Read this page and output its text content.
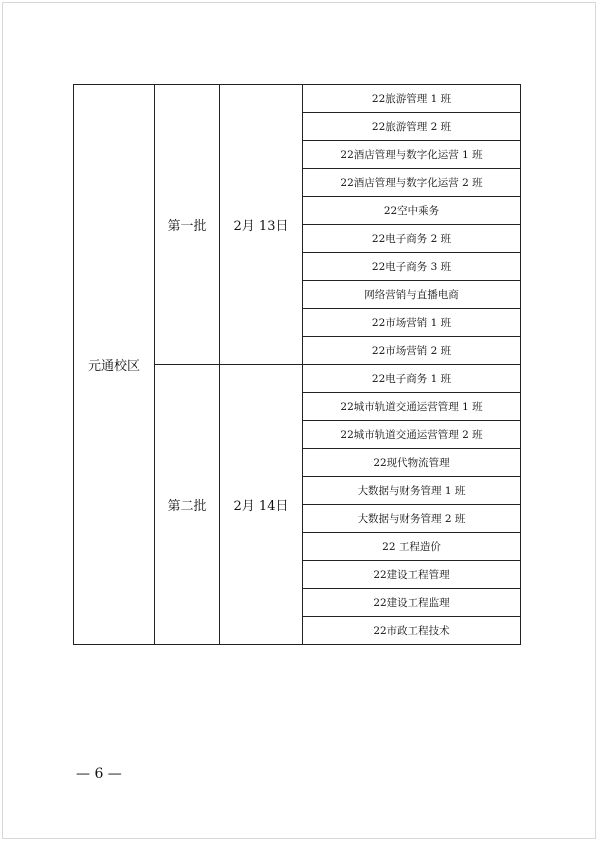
元通校区	第一批	2月 13日	22旅游管理 1 班
			22旅游管理 2 班
			22酒店管理与数字化运营 1 班
			22酒店管理与数字化运营 2 班
			22空中乘务
			22电子商务 2 班
			22电子商务 3 班
			网络营销与直播电商
			22市场营销 1 班
			22市场营销 2 班
	第二批	2月 14日	22电子商务 1 班
			22城市轨道交通运营管理 1 班
			22城市轨道交通运营管理 2 班
			22现代物流管理
			大数据与财务管理 1 班
			大数据与财务管理 2 班
			22 工程造价
			22建设工程管理
			22建设工程监理
			22市政工程技术
— 6 —
